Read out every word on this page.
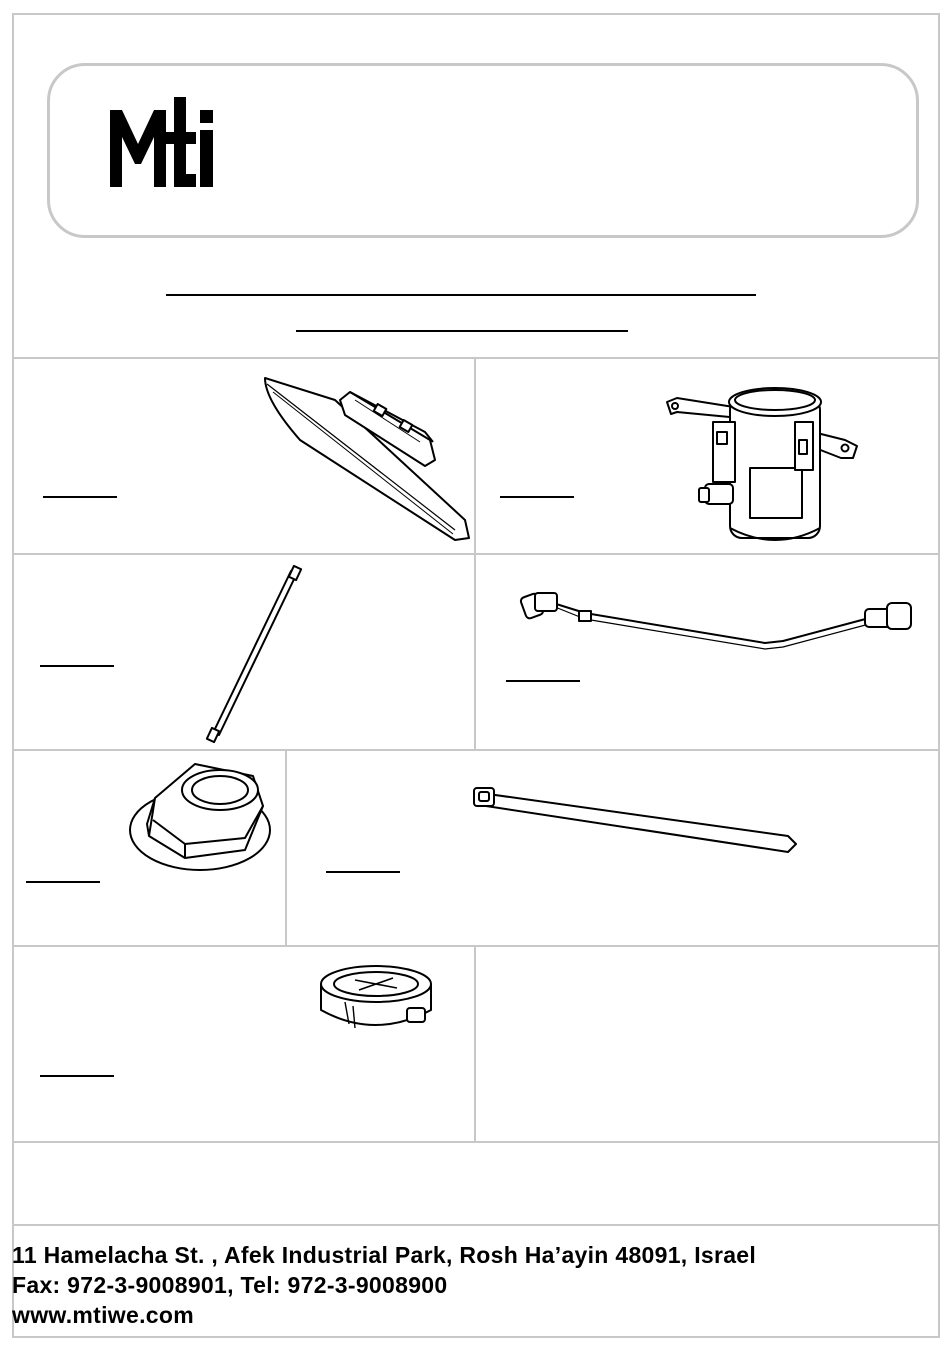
11 Hamelacha St. , Afek Industrial Park, Rosh Ha’ayin 48091, Israel
Fax: 972-3-9008901, Tel: 972-3-9008900
www.mtiwe.com
